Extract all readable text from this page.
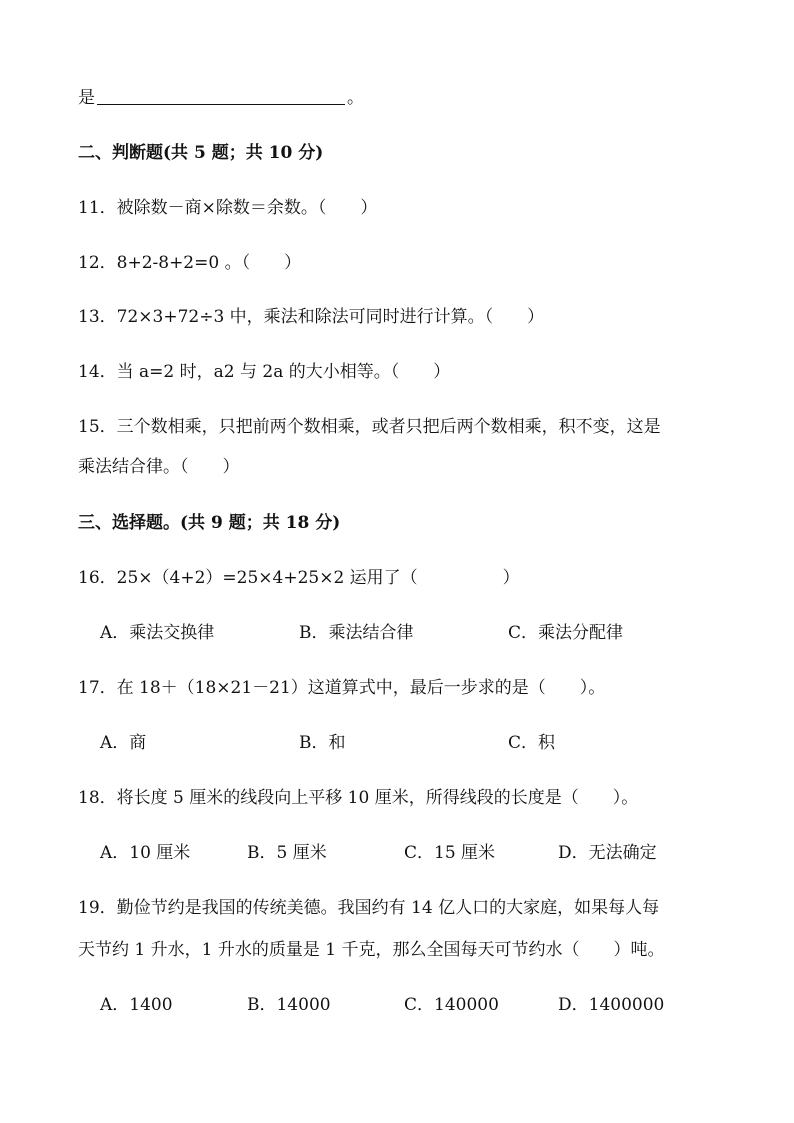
是	。
二、判断题(共 5 题；共 10 分)
11．被除数－商×除数＝余数。（　　）
12．8+2-8+2=0 。（　　）
13．72×3+72÷3 中，乘法和除法可同时进行计算。（　　）
14．当 a=2 时，a2 与 2a 的大小相等。（　　）
15．三个数相乘，只把前两个数相乘，或者只把后两个数相乘，积不变，这是
乘法结合律。（　　）
三、选择题。(共 9 题；共 18 分)
16．25×（4+2）=25×4+25×2 运用了（　　　　　）
A．乘法交换律	B．乘法结合律	C．乘法分配律
17．在 18＋（18×21－21）这道算式中，最后一步求的是（　　）。
A．商	B．和	C．积
18．将长度 5 厘米的线段向上平移 10 厘米，所得线段的长度是（　　）。
A．10 厘米	B．5 厘米	C．15 厘米	D．无法确定
19．勤俭节约是我国的传统美德。我国约有 14 亿人口的大家庭，如果每人每
天节约 1 升水，1 升水的质量是 1 千克，那么全国每天可节约水（　　）吨。
A．1400	B．14000	C．140000	D．1400000
